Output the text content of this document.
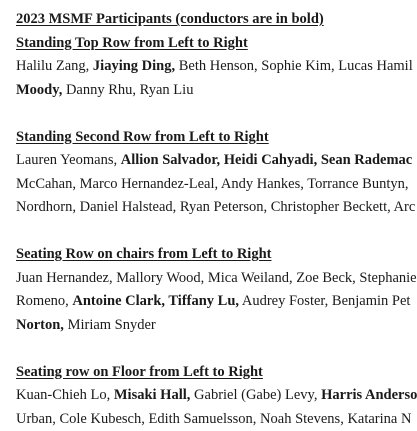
2023 MSMF Participants (conductors are in bold)
Standing Top Row from Left to Right
Halilu Zang, Jiaying Ding, Beth Henson, Sophie Kim, Lucas Hamil
Moody, Danny Rhu, Ryan Liu
Standing Second Row from Left to Right
Lauren Yeomans, Allion Salvador, Heidi Cahyadi, Sean Rademac
McCahan, Marco Hernandez-Leal, Andy Hankes, Torrance Buntyn,
Nordhorn, Daniel Halstead, Ryan Peterson, Christopher Beckett, Arc
Seating Row on chairs from Left to Right
Juan Hernandez, Mallory Wood, Mica Weiland, Zoe Beck, Stephanie
Romeno, Antoine Clark, Tiffany Lu, Audrey Foster, Benjamin Pet
Norton, Miriam Snyder
Seating row on Floor from Left to Right
Kuan-Chieh Lo, Misaki Hall, Gabriel (Gabe) Levy, Harris Anderso
Urban, Cole Kubesch, Edith Samuelsson, Noah Stevens, Katarina N
